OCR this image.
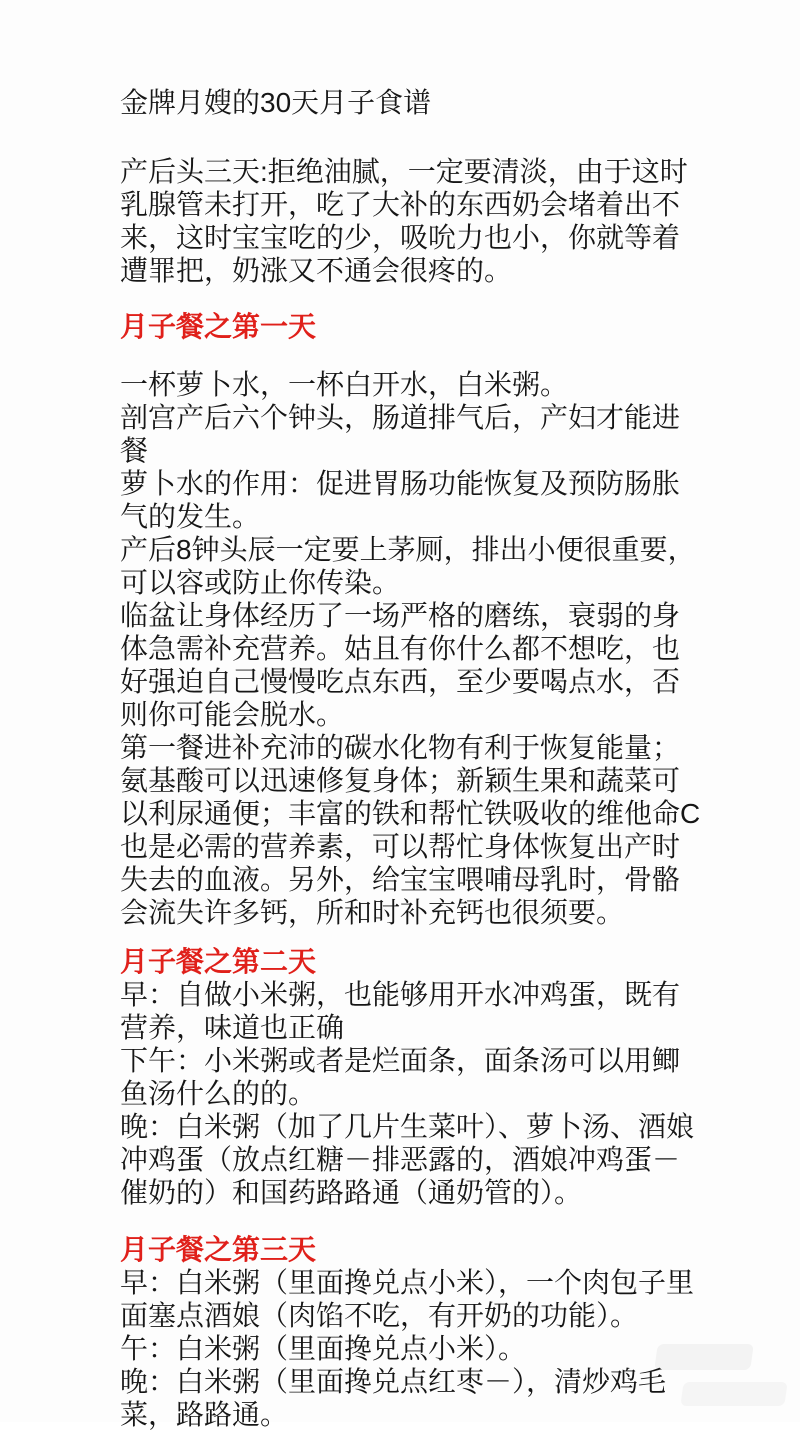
金牌月嫂的30天月子食谱

产后头三天:拒绝油腻，一定要清淡，由于这时乳腺管未打开，吃了大补的东西奶会堵着出不来，这时宝宝吃的少，吸吮力也小，你就等着遭罪把，奶涨又不通会很疼的。

月子餐之第一天

一杯萝卜水，一杯白开水，白米粥。

剖宫产后六个钟头，肠道排气后，产妇才能进餐

萝卜水的作用：促进胃肠功能恢复及预防肠胀气的发生。

产后8钟头辰一定要上茅厕，排出小便很重要，可以容或防止你传染。

临盆让身体经历了一场严格的磨练，衰弱的身体急需补充营养。姑且有你什么都不想吃，也好强迫自己慢慢吃点东西，至少要喝点水，否则你可能会脱水。

第一餐进补充沛的碳水化物有利于恢复能量；氨基酸可以迅速修复身体；新颖生果和蔬菜可以利尿通便；丰富的铁和帮忙铁吸收的维他命C也是必需的营养素，可以帮忙身体恢复出产时失去的血液。另外，给宝宝喂哺母乳时，骨骼会流失许多钙，所和时补充钙也很须要。

月子餐之第二天

早：自做小米粥，也能够用开水冲鸡蛋，既有营养，味道也正确

下午：小米粥或者是烂面条，面条汤可以用鲫鱼汤什么的的。

晚：白米粥（加了几片生菜叶）、萝卜汤、酒娘冲鸡蛋（放点红糖－排恶露的，酒娘冲鸡蛋－催奶的）和国药路路通（通奶管的）。

月子餐之第三天

早：白米粥（里面搀兑点小米），一个肉包子里面塞点酒娘（肉馅不吃，有开奶的功能）。

午：白米粥（里面搀兑点小米）。

晚：白米粥（里面搀兑点红枣－），清炒鸡毛菜，路路通。
